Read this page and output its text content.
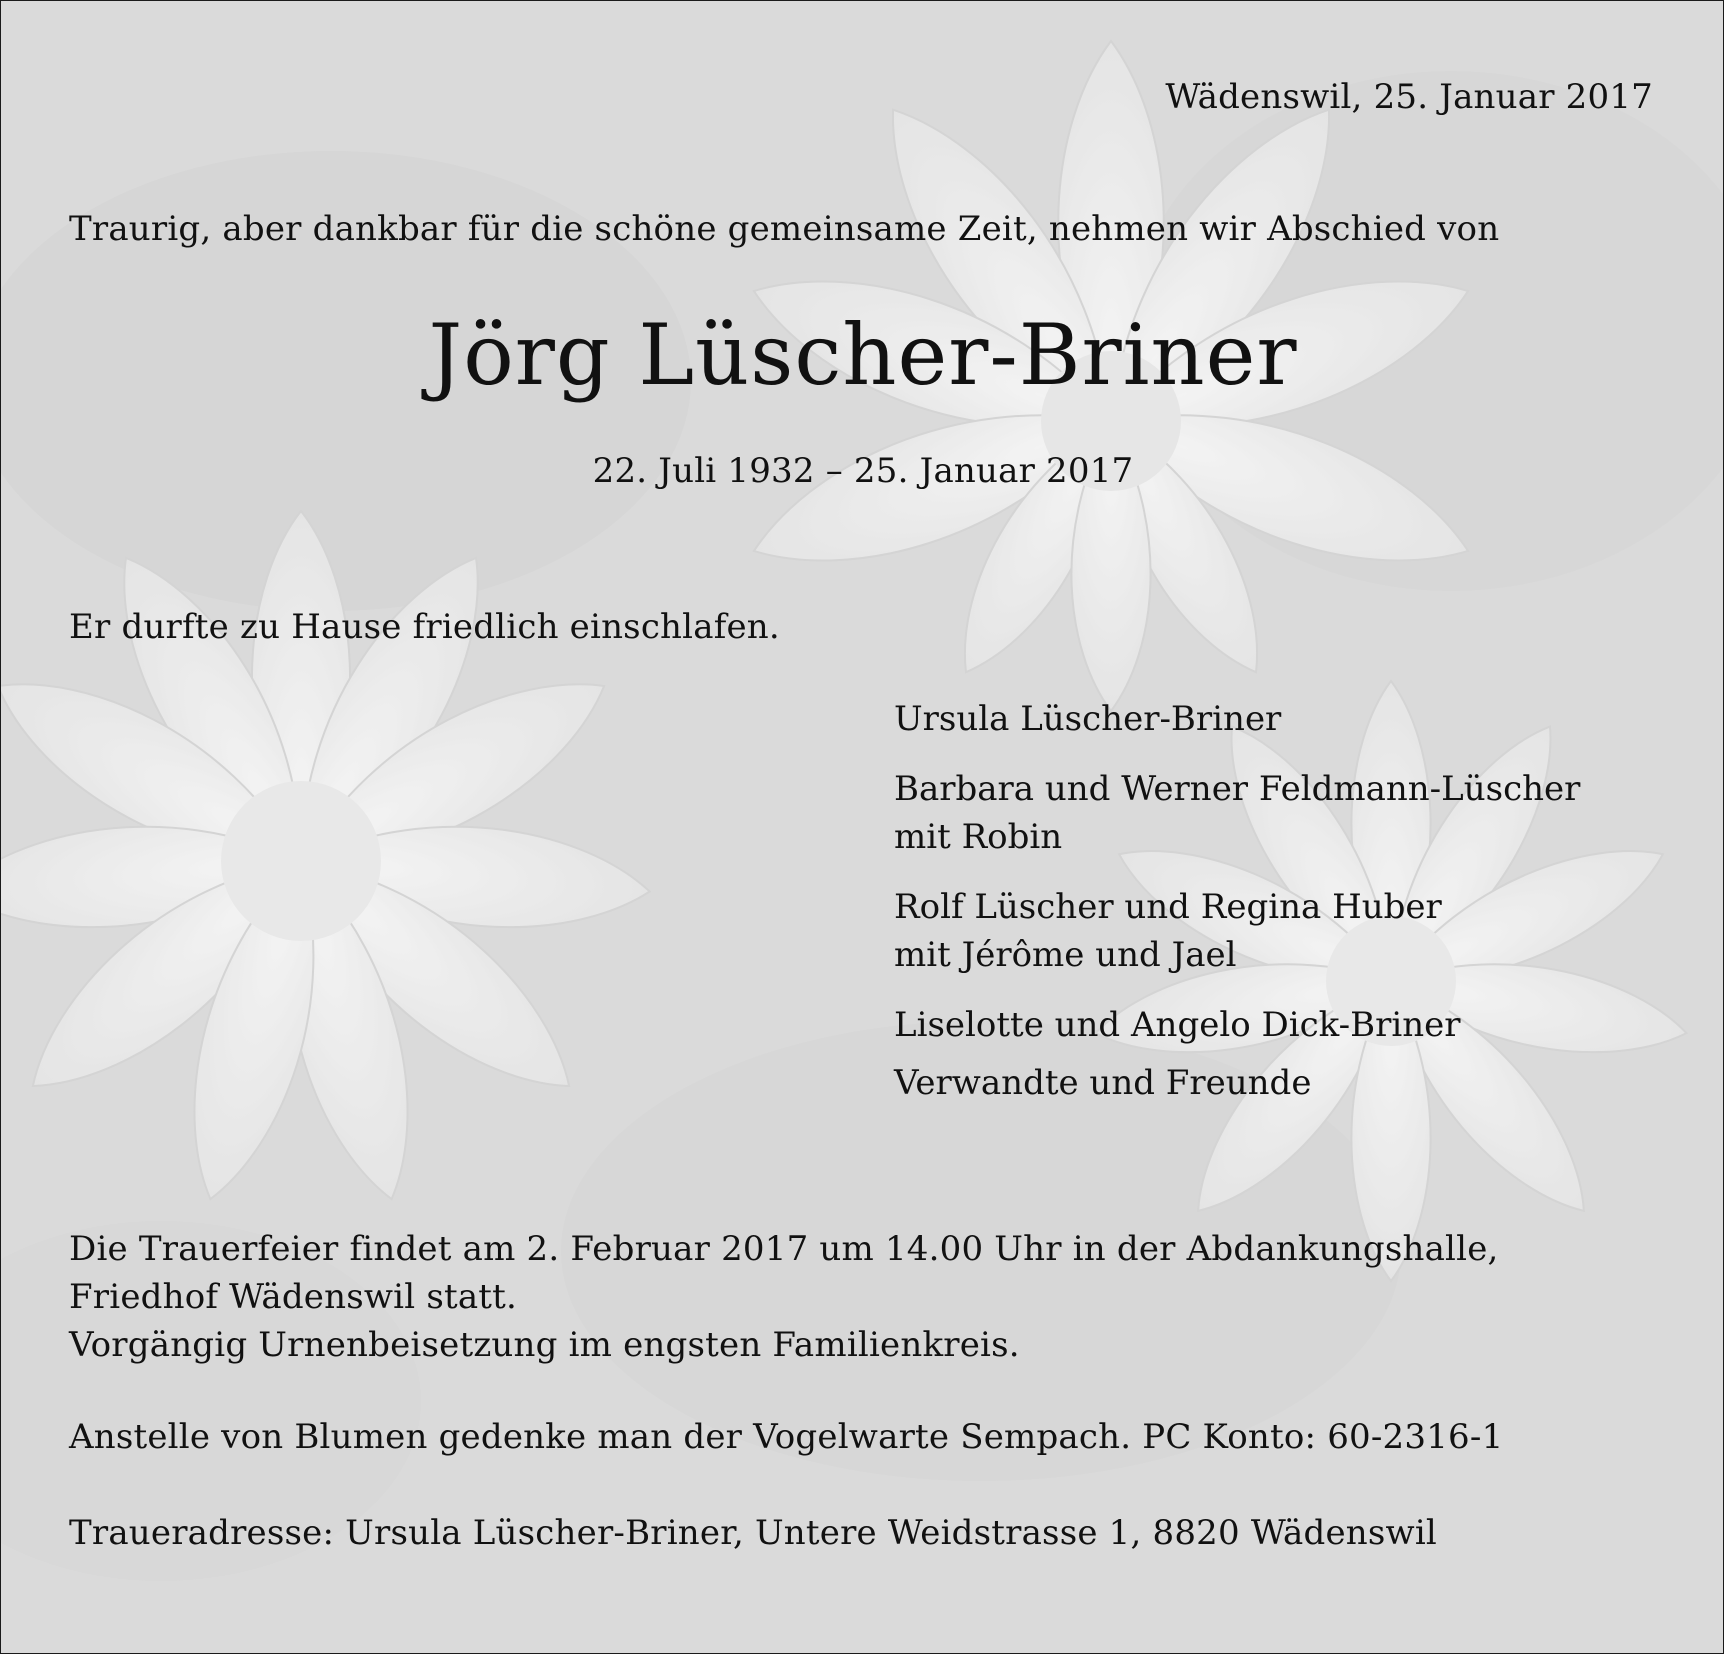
Wädenswil, 25. Januar 2017
Traurig, aber dankbar für die schöne gemeinsame Zeit, nehmen wir Abschied von
Jörg Lüscher-Briner
22. Juli 1932 – 25. Januar 2017
Er durfte zu Hause friedlich einschlafen.
Ursula Lüscher-Briner
Barbara und Werner Feldmann-Lüscher
mit Robin
Rolf Lüscher und Regina Huber
mit Jérôme und Jael
Liselotte und Angelo Dick-Briner
Verwandte und Freunde
Die Trauerfeier findet am 2. Februar 2017 um 14.00 Uhr in der Abdankungshalle,
Friedhof Wädenswil statt.
Vorgängig Urnenbeisetzung im engsten Familienkreis.
Anstelle von Blumen gedenke man der Vogelwarte Sempach. PC Konto: 60-2316-1
Traueradresse: Ursula Lüscher-Briner, Untere Weidstrasse 1, 8820 Wädenswil
